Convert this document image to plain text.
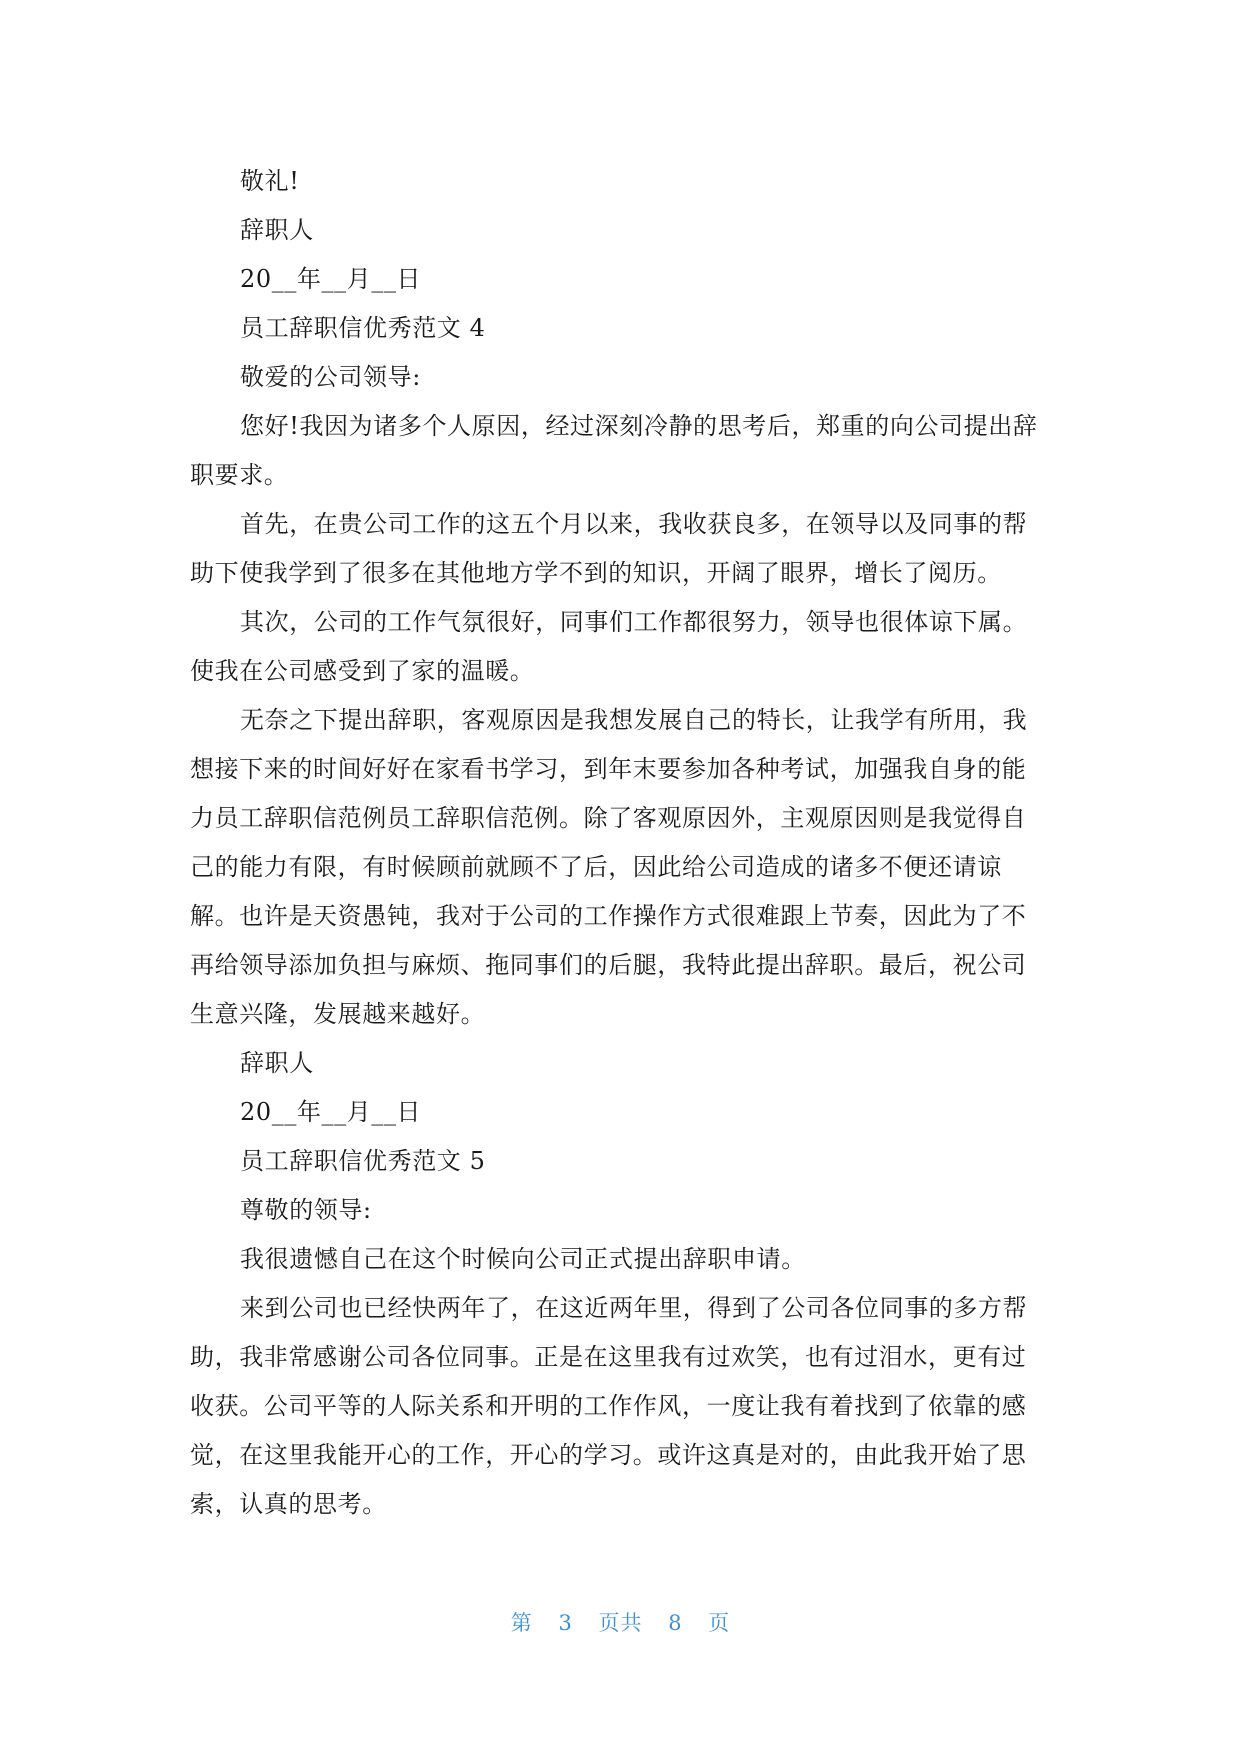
敬礼!
辞职人
20__年__月__日
员工辞职信优秀范文 4
敬爱的公司领导:
您好!我因为诸多个人原因，经过深刻冷静的思考后，郑重的向公司提出辞
职要求。
首先，在贵公司工作的这五个月以来，我收获良多，在领导以及同事的帮
助下使我学到了很多在其他地方学不到的知识，开阔了眼界，增长了阅历。
其次，公司的工作气氛很好，同事们工作都很努力，领导也很体谅下属。
使我在公司感受到了家的温暖。
无奈之下提出辞职，客观原因是我想发展自己的特长，让我学有所用，我
想接下来的时间好好在家看书学习，到年末要参加各种考试，加强我自身的能
力员工辞职信范例员工辞职信范例。除了客观原因外，主观原因则是我觉得自
己的能力有限，有时候顾前就顾不了后，因此给公司造成的诸多不便还请谅
解。也许是天资愚钝，我对于公司的工作操作方式很难跟上节奏，因此为了不
再给领导添加负担与麻烦、拖同事们的后腿，我特此提出辞职。最后，祝公司
生意兴隆，发展越来越好。
辞职人
20__年__月__日
员工辞职信优秀范文 5
尊敬的领导:
我很遗憾自己在这个时候向公司正式提出辞职申请。
来到公司也已经快两年了，在这近两年里，得到了公司各位同事的多方帮
助，我非常感谢公司各位同事。正是在这里我有过欢笑，也有过泪水，更有过
收获。公司平等的人际关系和开明的工作作风，一度让我有着找到了依靠的感
觉，在这里我能开心的工作，开心的学习。或许这真是对的，由此我开始了思
索，认真的思考。
第 3 页共 8 页
